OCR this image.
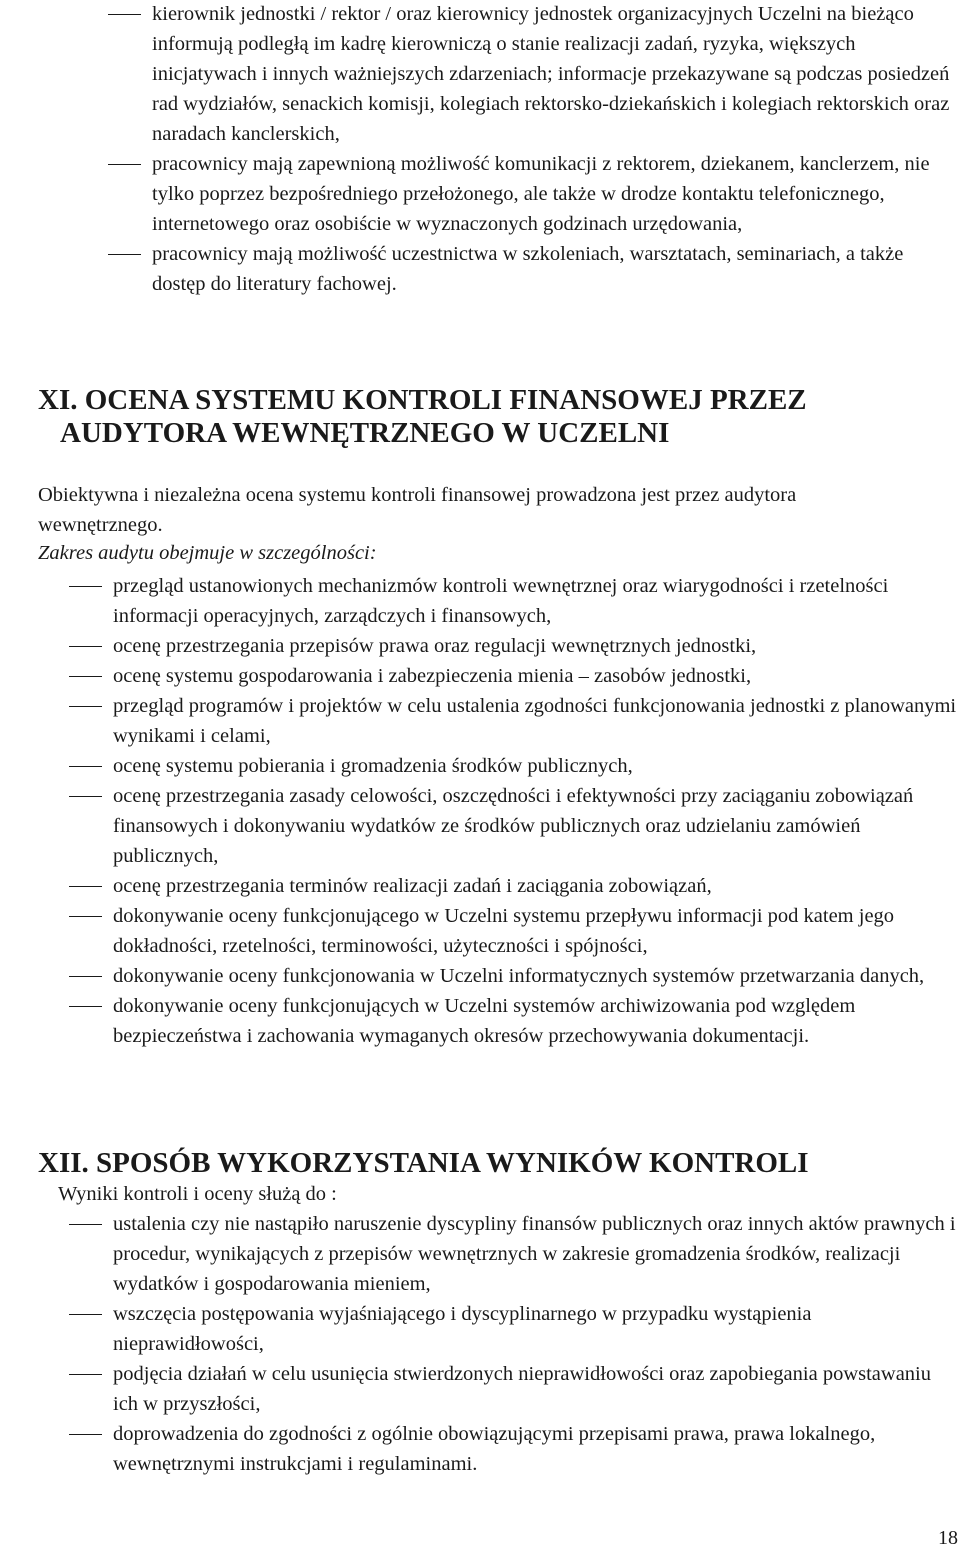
kierownik jednostki / rektor / oraz kierownicy jednostek organizacyjnych Uczelni na bieżąco informują podległą im kadrę kierowniczą o stanie realizacji zadań, ryzyka, większych inicjatywach i innych ważniejszych zdarzeniach; informacje przekazywane są podczas posiedzeń rad wydziałów, senackich komisji, kolegiach rektorsko-dziekańskich i kolegiach rektorskich oraz naradach kanclerskich,
pracownicy mają zapewnioną możliwość komunikacji z rektorem, dziekanem, kanclerzem, nie tylko poprzez bezpośredniego przełożonego, ale także w drodze kontaktu telefonicznego, internetowego oraz osobiście w wyznaczonych godzinach urzędowania,
pracownicy mają możliwość uczestnictwa w szkoleniach, warsztatach, seminariach, a także dostęp do literatury fachowej.
XI. OCENA SYSTEMU KONTROLI FINANSOWEJ PRZEZ
AUDYTORA WEWNĘTRZNEGO W UCZELNI

Obiektywna i niezależna ocena systemu kontroli finansowej prowadzona jest przez audytora wewnętrznego.

Zakres audytu obejmuje w szczególności:

przegląd ustanowionych mechanizmów kontroli wewnętrznej oraz wiarygodności i rzetelności informacji operacyjnych, zarządczych i finansowych,
ocenę przestrzegania przepisów prawa oraz regulacji wewnętrznych jednostki,
ocenę systemu gospodarowania i zabezpieczenia mienia – zasobów jednostki,
przegląd programów i projektów w celu ustalenia zgodności funkcjonowania jednostki z planowanymi wynikami i celami,
ocenę systemu pobierania i gromadzenia środków publicznych,
ocenę przestrzegania zasady celowości, oszczędności i efektywności przy zaciąganiu zobowiązań finansowych i dokonywaniu wydatków ze środków publicznych oraz udzielaniu zamówień publicznych,
ocenę przestrzegania terminów realizacji zadań i zaciągania zobowiązań,
dokonywanie oceny funkcjonującego w Uczelni systemu przepływu informacji pod katem jego dokładności, rzetelności, terminowości, użyteczności i spójności,
dokonywanie oceny funkcjonowania w Uczelni informatycznych systemów przetwarzania danych,
dokonywanie oceny funkcjonujących w Uczelni systemów archiwizowania pod względem bezpieczeństwa i zachowania wymaganych okresów przechowywania dokumentacji.
XII. SPOSÓB WYKORZYSTANIA WYNIKÓW KONTROLI

Wyniki kontroli i oceny służą do :

ustalenia czy nie nastąpiło naruszenie dyscypliny finansów publicznych oraz innych aktów prawnych i procedur, wynikających z przepisów wewnętrznych w zakresie gromadzenia środków, realizacji wydatków i gospodarowania mieniem,
wszczęcia postępowania wyjaśniającego i dyscyplinarnego w przypadku wystąpienia nieprawidłowości,
podjęcia działań w celu usunięcia stwierdzonych nieprawidłowości oraz zapobiegania powstawaniu ich w przyszłości,
doprowadzenia do zgodności z ogólnie obowiązującymi przepisami prawa, prawa lokalnego, wewnętrznymi instrukcjami i regulaminami.
18
